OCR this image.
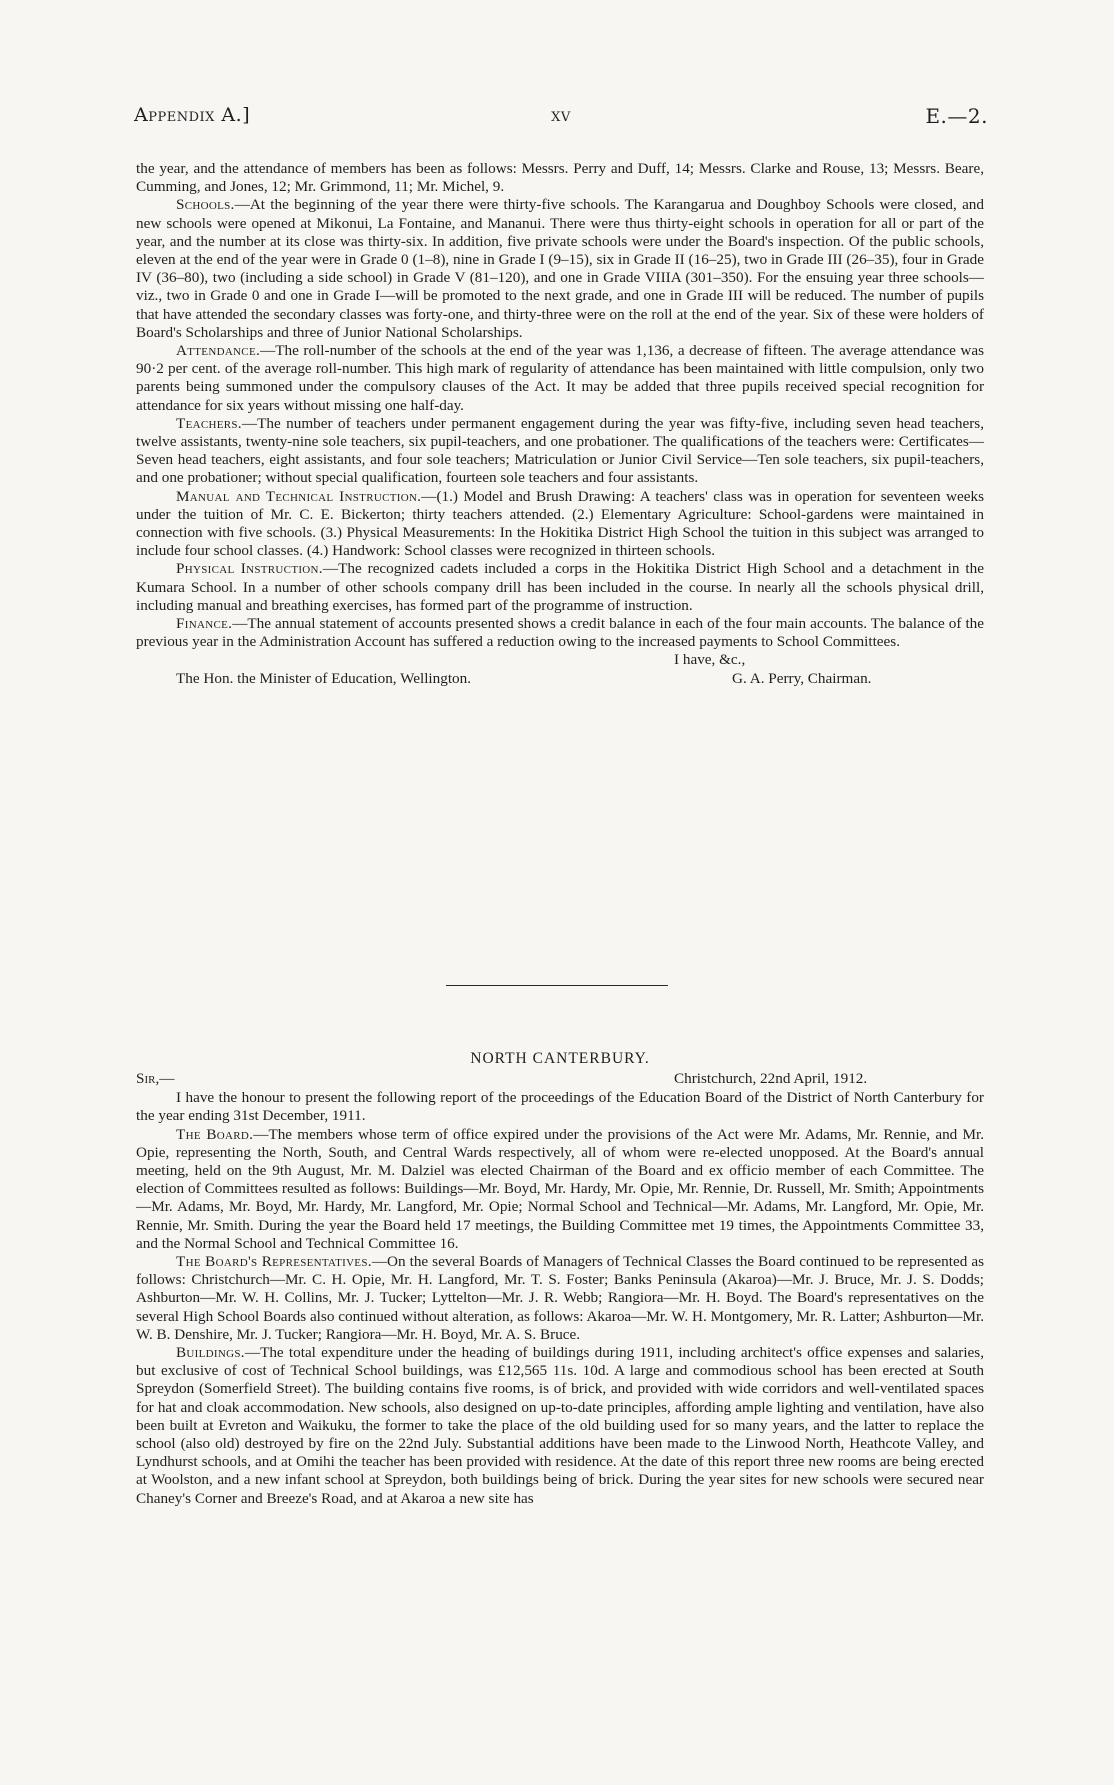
Appendix A.]	xv	E.—2.

the year, and the attendance of members has been as follows: Messrs. Perry and Duff, 14; Messrs. Clarke and Rouse, 13; Messrs. Beare, Cumming, and Jones, 12; Mr. Grimmond, 11; Mr. Michel, 9.

Schools.—At the beginning of the year there were thirty-five schools. The Karangarua and Doughboy Schools were closed, and new schools were opened at Mikonui, La Fontaine, and Mananui. There were thus thirty-eight schools in operation for all or part of the year, and the number at its close was thirty-six. In addition, five private schools were under the Board's inspection. Of the public schools, eleven at the end of the year were in Grade 0 (1–8), nine in Grade I (9–15), six in Grade II (16–25), two in Grade III (26–35), four in Grade IV (36–80), two (including a side school) in Grade V (81–120), and one in Grade VIIIA (301–350). For the ensuing year three schools—viz., two in Grade 0 and one in Grade I—will be promoted to the next grade, and one in Grade III will be reduced. The number of pupils that have attended the secondary classes was forty-one, and thirty-three were on the roll at the end of the year. Six of these were holders of Board's Scholarships and three of Junior National Scholarships.

Attendance.—The roll-number of the schools at the end of the year was 1,136, a decrease of fifteen. The average attendance was 90·2 per cent. of the average roll-number. This high mark of regularity of attendance has been maintained with little compulsion, only two parents being summoned under the compulsory clauses of the Act. It may be added that three pupils received special recognition for attendance for six years without missing one half-day.

Teachers.—The number of teachers under permanent engagement during the year was fifty-five, including seven head teachers, twelve assistants, twenty-nine sole teachers, six pupil-teachers, and one probationer. The qualifications of the teachers were: Certificates—Seven head teachers, eight assistants, and four sole teachers; Matriculation or Junior Civil Service—Ten sole teachers, six pupil-teachers, and one probationer; without special qualification, fourteen sole teachers and four assistants.

Manual and Technical Instruction.—(1.) Model and Brush Drawing: A teachers' class was in operation for seventeen weeks under the tuition of Mr. C. E. Bickerton; thirty teachers attended. (2.) Elementary Agriculture: School-gardens were maintained in connection with five schools. (3.) Physical Measurements: In the Hokitika District High School the tuition in this subject was arranged to include four school classes. (4.) Handwork: School classes were recognized in thirteen schools.

Physical Instruction.—The recognized cadets included a corps in the Hokitika District High School and a detachment in the Kumara School. In a number of other schools company drill has been included in the course. In nearly all the schools physical drill, including manual and breathing exercises, has formed part of the programme of instruction.

Finance.—The annual statement of accounts presented shows a credit balance in each of the four main accounts. The balance of the previous year in the Administration Account has suffered a reduction owing to the increased payments to School Committees.

I have, &c.,

The Hon. the Minister of Education, Wellington.	G. A. Perry, Chairman.
NORTH CANTERBURY.
Sir,—	Christchurch, 22nd April, 1912.

I have the honour to present the following report of the proceedings of the Education Board of the District of North Canterbury for the year ending 31st December, 1911.

The Board.—The members whose term of office expired under the provisions of the Act were Mr. Adams, Mr. Rennie, and Mr. Opie, representing the North, South, and Central Wards respectively, all of whom were re-elected unopposed. At the Board's annual meeting, held on the 9th August, Mr. M. Dalziel was elected Chairman of the Board and ex officio member of each Committee. The election of Committees resulted as follows: Buildings—Mr. Boyd, Mr. Hardy, Mr. Opie, Mr. Rennie, Dr. Russell, Mr. Smith; Appointments—Mr. Adams, Mr. Boyd, Mr. Hardy, Mr. Langford, Mr. Opie; Normal School and Technical—Mr. Adams, Mr. Langford, Mr. Opie, Mr. Rennie, Mr. Smith. During the year the Board held 17 meetings, the Building Committee met 19 times, the Appointments Committee 33, and the Normal School and Technical Committee 16.

The Board's Representatives.—On the several Boards of Managers of Technical Classes the Board continued to be represented as follows: Christchurch—Mr. C. H. Opie, Mr. H. Langford, Mr. T. S. Foster; Banks Peninsula (Akaroa)—Mr. J. Bruce, Mr. J. S. Dodds; Ashburton—Mr. W. H. Collins, Mr. J. Tucker; Lyttelton—Mr. J. R. Webb; Rangiora—Mr. H. Boyd. The Board's representatives on the several High School Boards also continued without alteration, as follows: Akaroa—Mr. W. H. Montgomery, Mr. R. Latter; Ashburton—Mr. W. B. Denshire, Mr. J. Tucker; Rangiora—Mr. H. Boyd, Mr. A. S. Bruce.

Buildings.—The total expenditure under the heading of buildings during 1911, including architect's office expenses and salaries, but exclusive of cost of Technical School buildings, was £12,565 11s. 10d. A large and commodious school has been erected at South Spreydon (Somerfield Street). The building contains five rooms, is of brick, and provided with wide corridors and well-ventilated spaces for hat and cloak accommodation. New schools, also designed on up-to-date principles, affording ample lighting and ventilation, have also been built at Evreton and Waikuku, the former to take the place of the old building used for so many years, and the latter to replace the school (also old) destroyed by fire on the 22nd July. Substantial additions have been made to the Linwood North, Heathcote Valley, and Lyndhurst schools, and at Omihi the teacher has been provided with residence. At the date of this report three new rooms are being erected at Woolston, and a new infant school at Spreydon, both buildings being of brick. During the year sites for new schools were secured near Chaney's Corner and Breeze's Road, and at Akaroa a new site has
